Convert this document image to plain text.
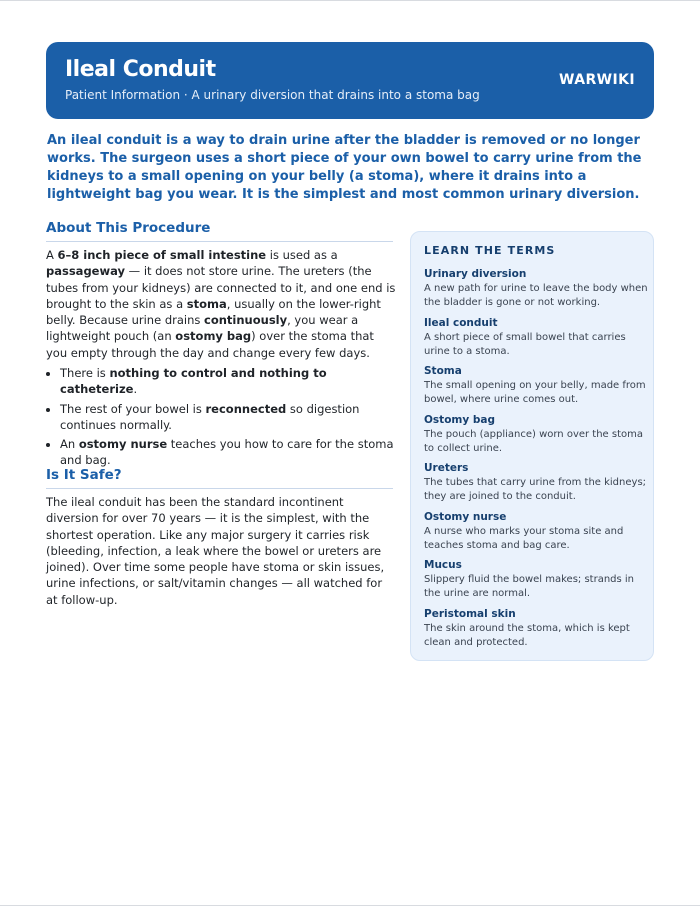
Ileal Conduit
Patient Information · A urinary diversion that drains into a stoma bag
WARWIKI
An ileal conduit is a way to drain urine after the bladder is removed or no longer works. The surgeon uses a short piece of your own bowel to carry urine from the kidneys to a small opening on your belly (a stoma), where it drains into a lightweight bag you wear. It is the simplest and most common urinary diversion.
About This Procedure
A 6–8 inch piece of small intestine is used as a passageway — it does not store urine. The ureters (the tubes from your kidneys) are connected to it, and one end is brought to the skin as a stoma, usually on the lower-right belly. Because urine drains continuously, you wear a lightweight pouch (an ostomy bag) over the stoma that you empty through the day and change every few days.
• There is nothing to control and nothing to catheterize.
• The rest of your bowel is reconnected so digestion continues normally.
• An ostomy nurse teaches you how to care for the stoma and bag.
Is It Safe?
The ileal conduit has been the standard incontinent diversion for over 70 years — it is the simplest, with the shortest operation. Like any major surgery it carries risk (bleeding, infection, a leak where the bowel or ureters are joined). Over time some people have stoma or skin issues, urine infections, or salt/vitamin changes — all watched for at follow-up.
LEARN THE TERMS
Urinary diversion
A new path for urine to leave the body when the bladder is gone or not working.
Ileal conduit
A short piece of small bowel that carries urine to a stoma.
Stoma
The small opening on your belly, made from bowel, where urine comes out.
Ostomy bag
The pouch (appliance) worn over the stoma to collect urine.
Ureters
The tubes that carry urine from the kidneys; they are joined to the conduit.
Ostomy nurse
A nurse who marks your stoma site and teaches stoma and bag care.
Mucus
Slippery fluid the bowel makes; strands in the urine are normal.
Peristomal skin
The skin around the stoma, which is kept clean and protected.
